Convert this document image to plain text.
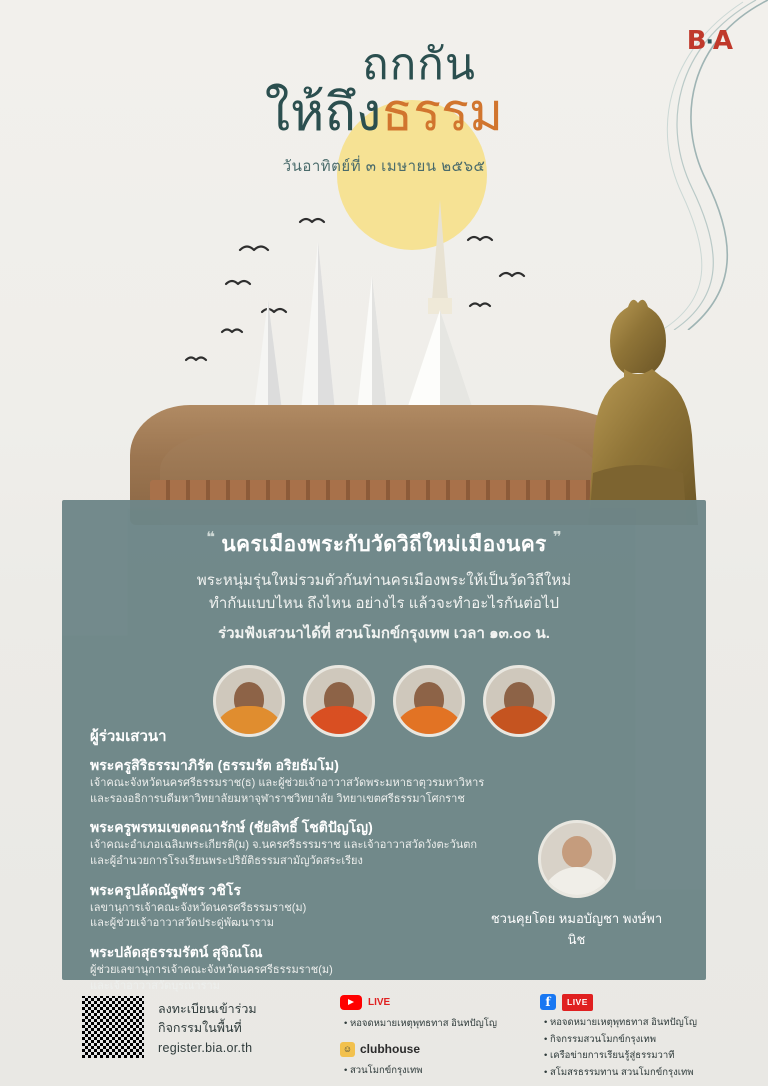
B·A
ถกกัน
ให้ถึงธรรม
วันอาทิตย์ที่ ๓ เมษายน ๒๕๖๕
❝ นครเมืองพระกับวัดวิถีใหม่เมืองนคร ❞
พระหนุ่มรุ่นใหม่รวมตัวกันท่านครเมืองพระให้เป็นวัดวิถีใหม่
ทำกันแบบไหน ถึงไหน อย่างไร แล้วจะทำอะไรกันต่อไป
ร่วมฟังเสวนาได้ที่ สวนโมกข์กรุงเทพ เวลา ๑๓.๐๐ น.
ผู้ร่วมเสวนา
พระครูสิริธรรมาภิรัต (ธรรมรัต อริยธัมโม)
เจ้าคณะจังหวัดนครศรีธรรมราช(ธ) และผู้ช่วยเจ้าอาวาสวัดพระมหาธาตุวรมหาวิหาร
และรองอธิการบดีมหาวิทยาลัยมหาจุฬาราชวิทยาลัย วิทยาเขตศรีธรรมาโศกราช
พระครูพรหมเขตคณารักษ์ (ชัยสิทธิ์ โชติปัญโญ)
เจ้าคณะอำเภอเฉลิมพระเกียรติ(ม) จ.นครศรีธรรมราช และเจ้าอาวาสวัดวังตะวันตก
และผู้อำนวยการโรงเรียนพระปริยัติธรรมสามัญวัดสระเรียง
พระครูปลัดณัฐพัชร วชิโร
เลขานุการเจ้าคณะจังหวัดนครศรีธรรมราช(ม)
และผู้ช่วยเจ้าอาวาสวัดประดู่พัฒนาราม
พระปลัดสุธรรมรัตน์ สุจิณโณ
ผู้ช่วยเลขานุการเจ้าคณะจังหวัดนครศรีธรรมราช(ม)
และเจ้าอาวาสวัดบุรณาราม
ชวนคุยโดย หมอบัญชา พงษ์พานิช
ลงทะเบียนเข้าร่วม
กิจกรรมในพื้นที่
register.bia.or.th
LIVE
• หอจดหมายเหตุพุทธทาส อินทปัญโญ
☺ clubhouse
• สวนโมกข์กรุงเทพ
f	LIVE
• หอจดหมายเหตุพุทธทาส อินทปัญโญ
• กิจกรรมสวนโมกข์กรุงเทพ
• เครือข่ายการเรียนรู้สู่ธรรมวาที
• สโมสรธรรมทาน สวนโมกข์กรุงเทพ
